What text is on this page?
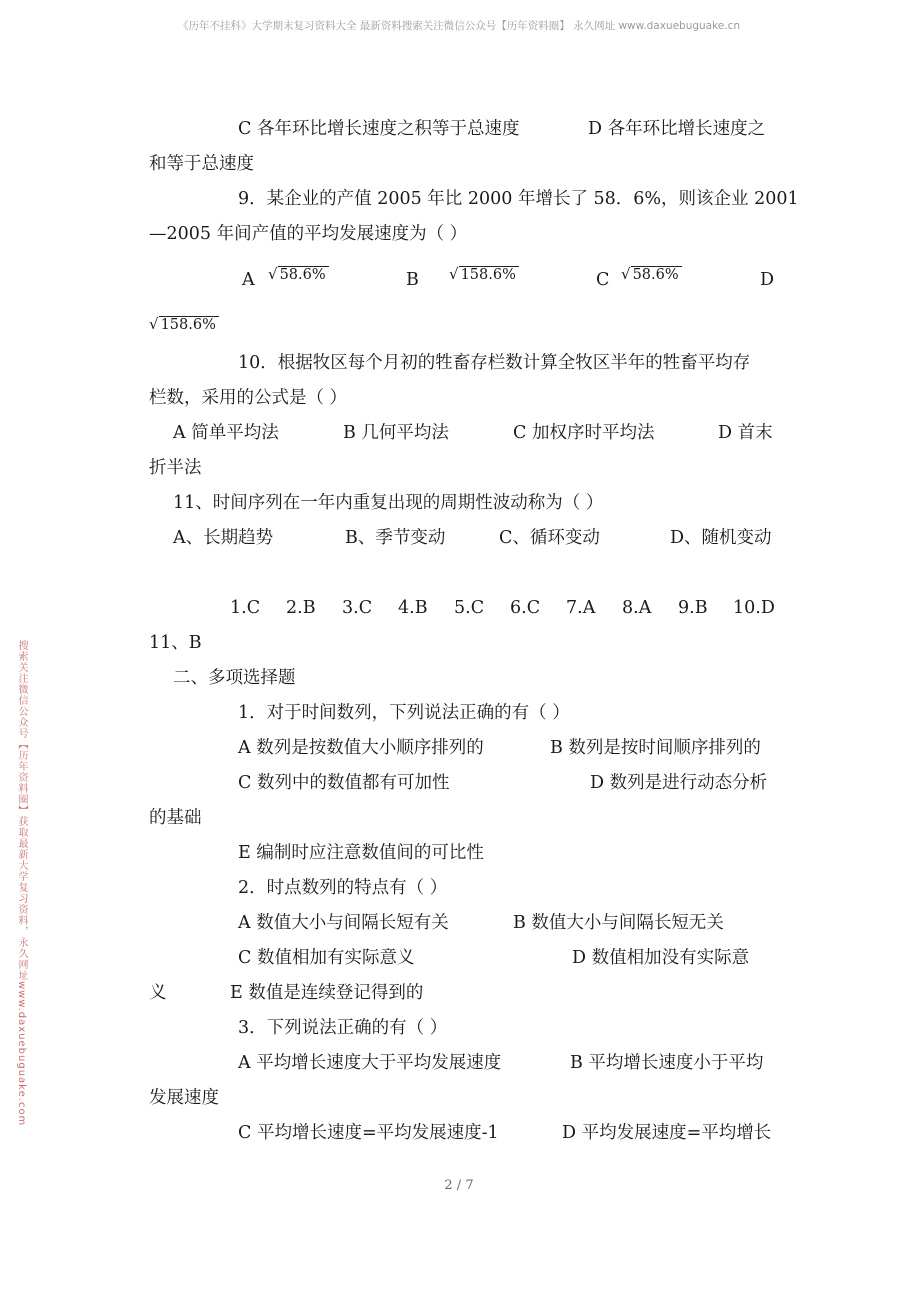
《历年不挂科》大学期末复习资料大全 最新资料搜索关注微信公众号【历年资料圈】 永久网址 www.daxuebuguake.cn
搜索关注微信公众号【历年资料圈】获取最新大学复习资料，永久网址www.daxuebuguake.com
C 各年环比增长速度之积等于总速度	D 各年环比增长速度之
和等于总速度
9．某企业的产值 2005 年比 2000 年增长了 58．6%，则该企业 2001
—2005 年间产值的平均发展速度为（ ）
A √ 58.6%	B √ 158.6%	C √ 58.6%	D
√ 158.6%
10．根据牧区每个月初的牲畜存栏数计算全牧区半年的牲畜平均存
栏数，采用的公式是（ ）
A 简单平均法	B 几何平均法	C 加权序时平均法	D 首末
折半法
11、时间序列在一年内重复出现的周期性波动称为（ ）
A、长期趋势	B、季节变动	C、循环变动	D、随机变动
1.C 2.B 3.C 4.B 5.C 6.C 7.A 8.A 9.B 10.D
11、B
二、多项选择题
1．对于时间数列，下列说法正确的有（ ）
A 数列是按数值大小顺序排列的	B 数列是按时间顺序排列的
C 数列中的数值都有可加性	D 数列是进行动态分析
的基础
E 编制时应注意数值间的可比性
2．时点数列的特点有（ ）
A 数值大小与间隔长短有关	B 数值大小与间隔长短无关
C 数值相加有实际意义	D 数值相加没有实际意
义	E 数值是连续登记得到的
3．下列说法正确的有（ ）
A 平均增长速度大于平均发展速度	B 平均增长速度小于平均
发展速度
C 平均增长速度=平均发展速度-1	D 平均发展速度=平均增长
2 / 7
